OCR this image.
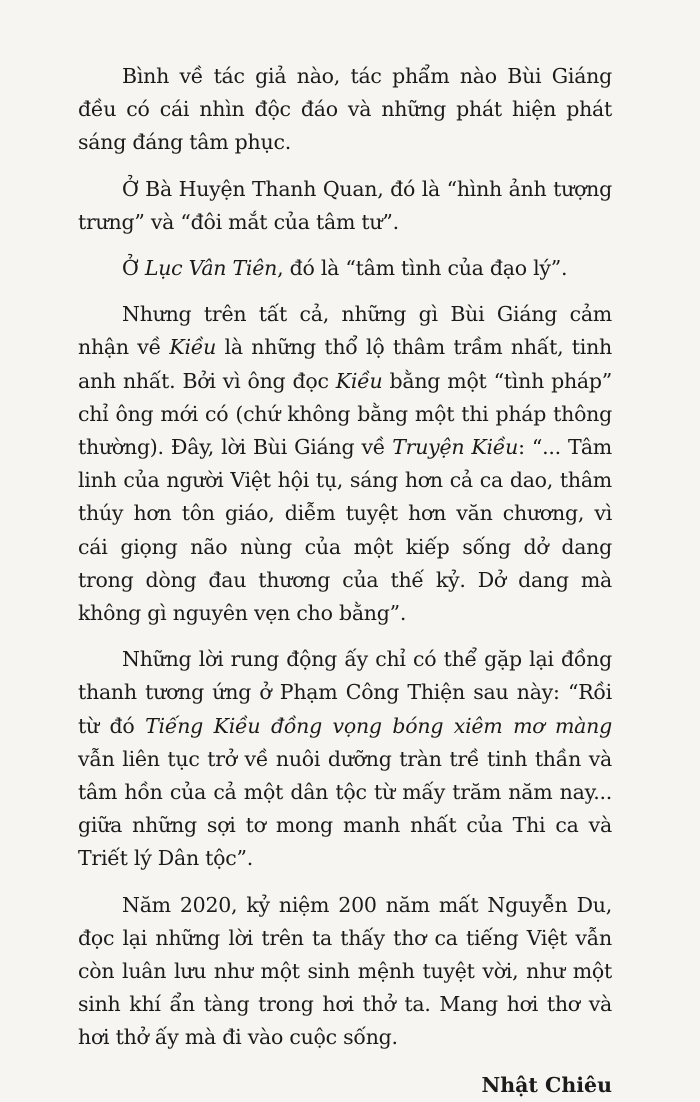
Bình về tác giả nào, tác phẩm nào Bùi Giáng đều có cái nhìn độc đáo và những phát hiện phát sáng đáng tâm phục.

Ở Bà Huyện Thanh Quan, đó là “hình ảnh tượng trưng” và “đôi mắt của tâm tư”.

Ở Lục Vân Tiên, đó là “tâm tình của đạo lý”.

Nhưng trên tất cả, những gì Bùi Giáng cảm nhận về Kiều là những thổ lộ thâm trầm nhất, tinh anh nhất. Bởi vì ông đọc Kiều bằng một “tình pháp” chỉ ông mới có (chứ không bằng một thi pháp thông thường). Đây, lời Bùi Giáng về Truyện Kiều: “... Tâm linh của người Việt hội tụ, sáng hơn cả ca dao, thâm thúy hơn tôn giáo, diễm tuyệt hơn văn chương, vì cái giọng não nùng của một kiếp sống dở dang trong dòng đau thương của thế kỷ. Dở dang mà không gì nguyên vẹn cho bằng”.

Những lời rung động ấy chỉ có thể gặp lại đồng thanh tương ứng ở Phạm Công Thiện sau này: “Rồi từ đó Tiếng Kiều đồng vọng bóng xiêm mơ màng vẫn liên tục trở về nuôi dưỡng tràn trề tinh thần và tâm hồn của cả một dân tộc từ mấy trăm năm nay... giữa những sợi tơ mong manh nhất của Thi ca và Triết lý Dân tộc”.

Năm 2020, kỷ niệm 200 năm mất Nguyễn Du, đọc lại những lời trên ta thấy thơ ca tiếng Việt vẫn còn luân lưu như một sinh mệnh tuyệt vời, như một sinh khí ẩn tàng trong hơi thở ta. Mang hơi thơ và hơi thở ấy mà đi vào cuộc sống.

Nhật Chiêu
